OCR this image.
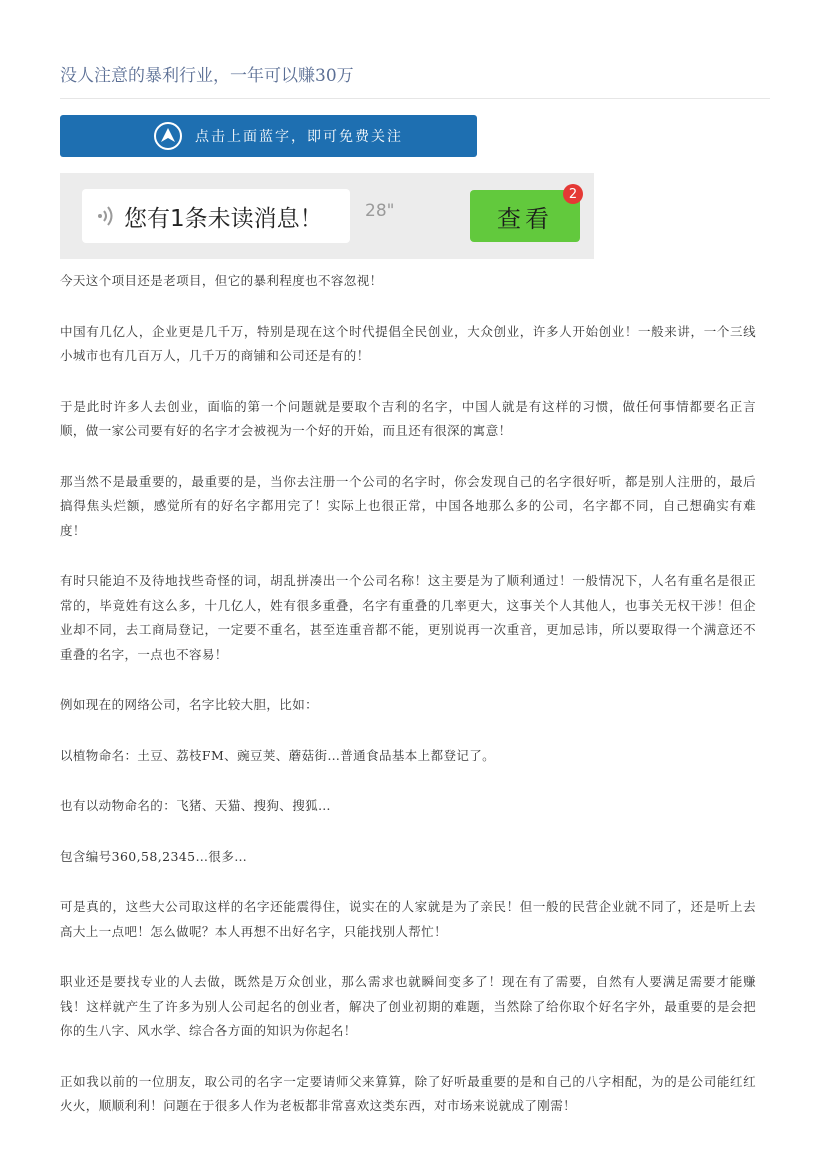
没人注意的暴利行业，一年可以赚30万
点击上面蓝字，即可免费关注
您有1条未读消息！ 28"	查看
2

今天这个项目还是老项目，但它的暴利程度也不容忽视！

中国有几亿人，企业更是几千万，特别是现在这个时代提倡全民创业，大众创业，许多人开始创业！一般来讲，一个三线小城市也有几百万人，几千万的商铺和公司还是有的！

于是此时许多人去创业，面临的第一个问题就是要取个吉利的名字，中国人就是有这样的习惯，做任何事情都要名正言顺，做一家公司要有好的名字才会被视为一个好的开始，而且还有很深的寓意！

那当然不是最重要的，最重要的是，当你去注册一个公司的名字时，你会发现自己的名字很好听，都是别人注册的，最后搞得焦头烂额，感觉所有的好名字都用完了！实际上也很正常，中国各地那么多的公司，名字都不同，自己想确实有难度！

有时只能迫不及待地找些奇怪的词，胡乱拼凑出一个公司名称！这主要是为了顺利通过！一般情况下，人名有重名是很正常的，毕竟姓有这么多，十几亿人，姓有很多重叠，名字有重叠的几率更大，这事关个人其他人，也事关无权干涉！但企业却不同，去工商局登记，一定要不重名，甚至连重音都不能，更别说再一次重音，更加忌讳，所以要取得一个满意还不重叠的名字，一点也不容易！

例如现在的网络公司，名字比较大胆，比如：

以植物命名：土豆、荔枝FM、豌豆荚、蘑菇街…普通食品基本上都登记了。

也有以动物命名的：飞猪、天猫、搜狗、搜狐…

包含编号360,58,2345…很多…

可是真的，这些大公司取这样的名字还能震得住，说实在的人家就是为了亲民！但一般的民营企业就不同了，还是听上去高大上一点吧！怎么做呢？本人再想不出好名字，只能找别人帮忙！

职业还是要找专业的人去做，既然是万众创业，那么需求也就瞬间变多了！现在有了需要，自然有人要满足需要才能赚钱！这样就产生了许多为别人公司起名的创业者，解决了创业初期的难题，当然除了给你取个好名字外，最重要的是会把你的生八字、风水学、综合各方面的知识为你起名！

正如我以前的一位朋友，取公司的名字一定要请师父来算算，除了好听最重要的是和自己的八字相配，为的是公司能红红火火，顺顺利利！问题在于很多人作为老板都非常喜欢这类东西，对市场来说就成了刚需！
